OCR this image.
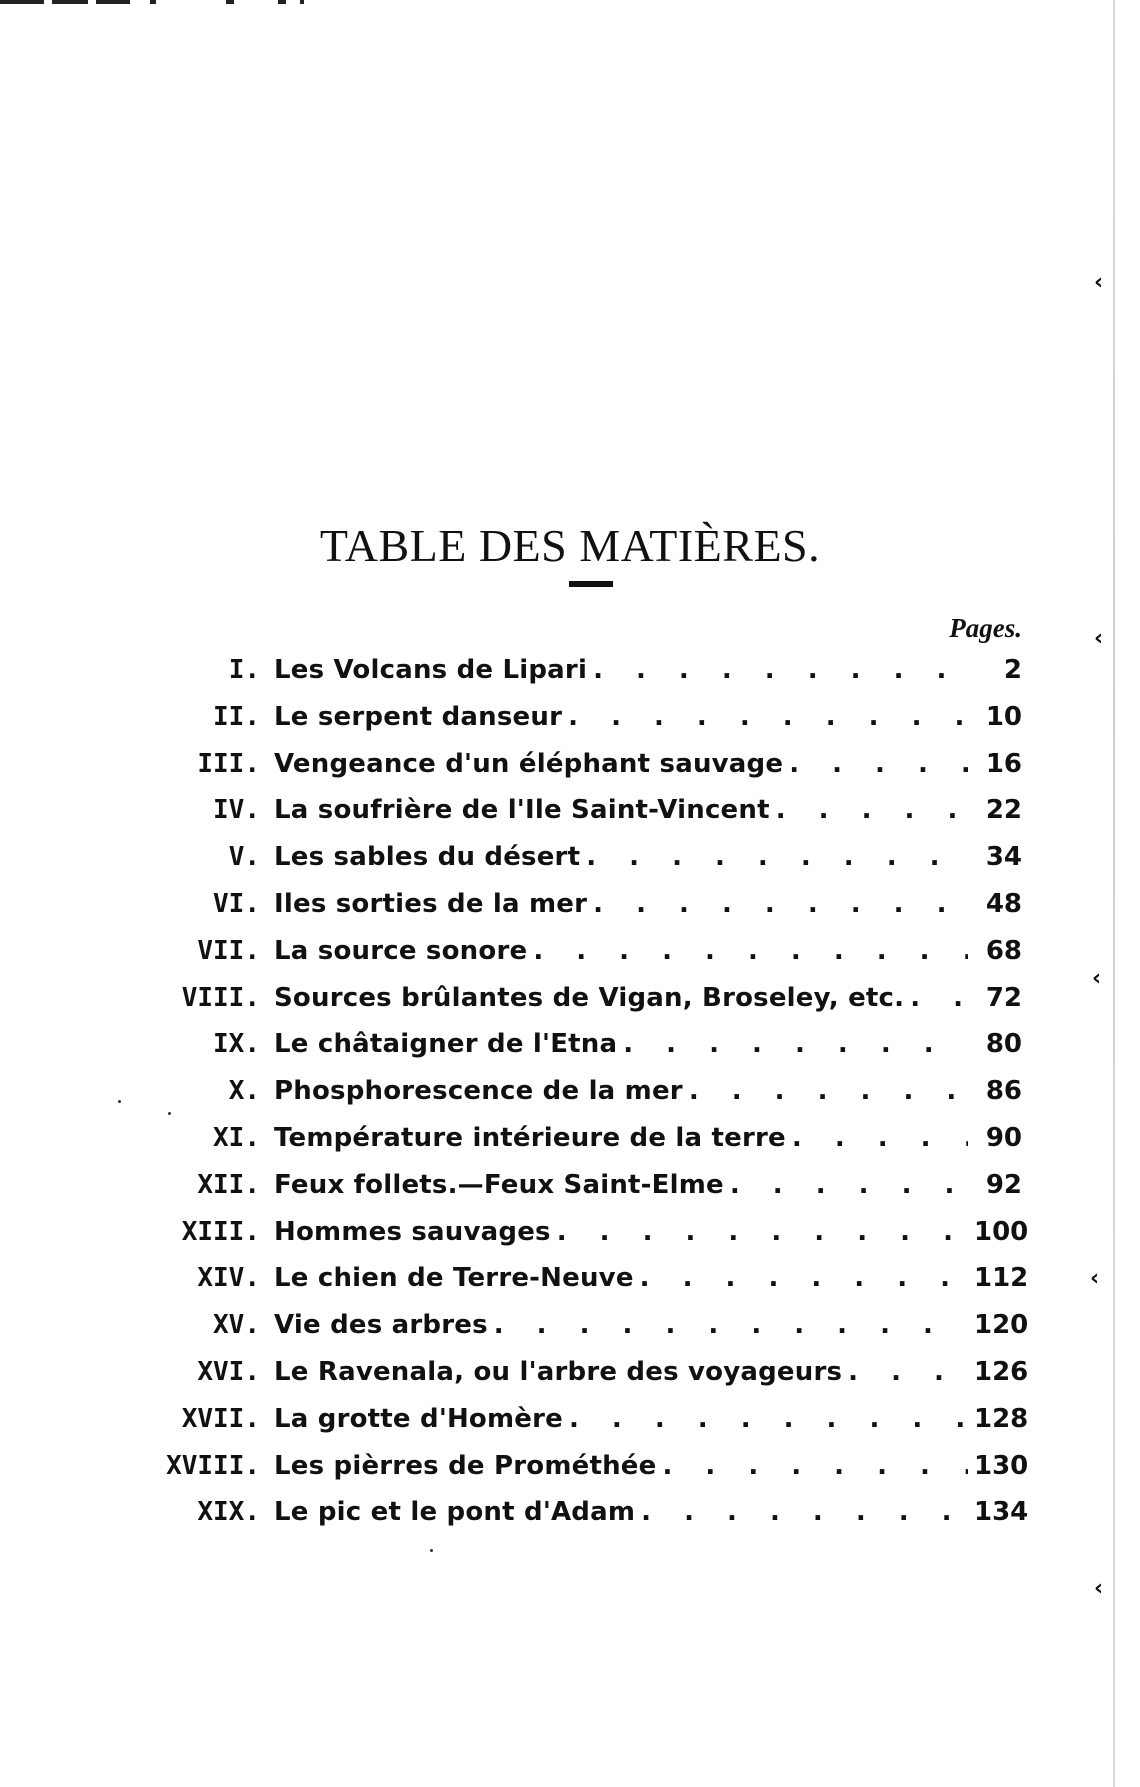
‹
‹
‹
‹
‹
TABLE DES MATIÈRES.
Pages.
I. Les Volcans de Lipari . . .	2
II. Le serpent danseur . . .	10
III. Vengeance d'un éléphant sauvage . . .	16
IV. La soufrière de l'Ile Saint-Vincent . . .	22
V. Les sables du désert . . .	34
VI. Iles sorties de la mer . . .	48
VII. La source sonore . . .	68
VIII. Sources brûlantes de Vigan, Broseley, etc. . . .	72
IX. Le châtaigner de l'Etna . . .	80
X. Phosphorescence de la mer . . .	86
XI. Température intérieure de la terre . . .	90
XII. Feux follets.—Feux Saint-Elme . . .	92
XIII. Hommes sauvages . . .	100
XIV. Le chien de Terre-Neuve . . .	112
XV. Vie des arbres . . .	120
XVI. Le Ravenala, ou l'arbre des voyageurs . . .	126
XVII. La grotte d'Homère . . .	128
XVIII. Les pièrres de Prométhée . . .	130
XIX. Le pic et le pont d'Adam . . .	134
